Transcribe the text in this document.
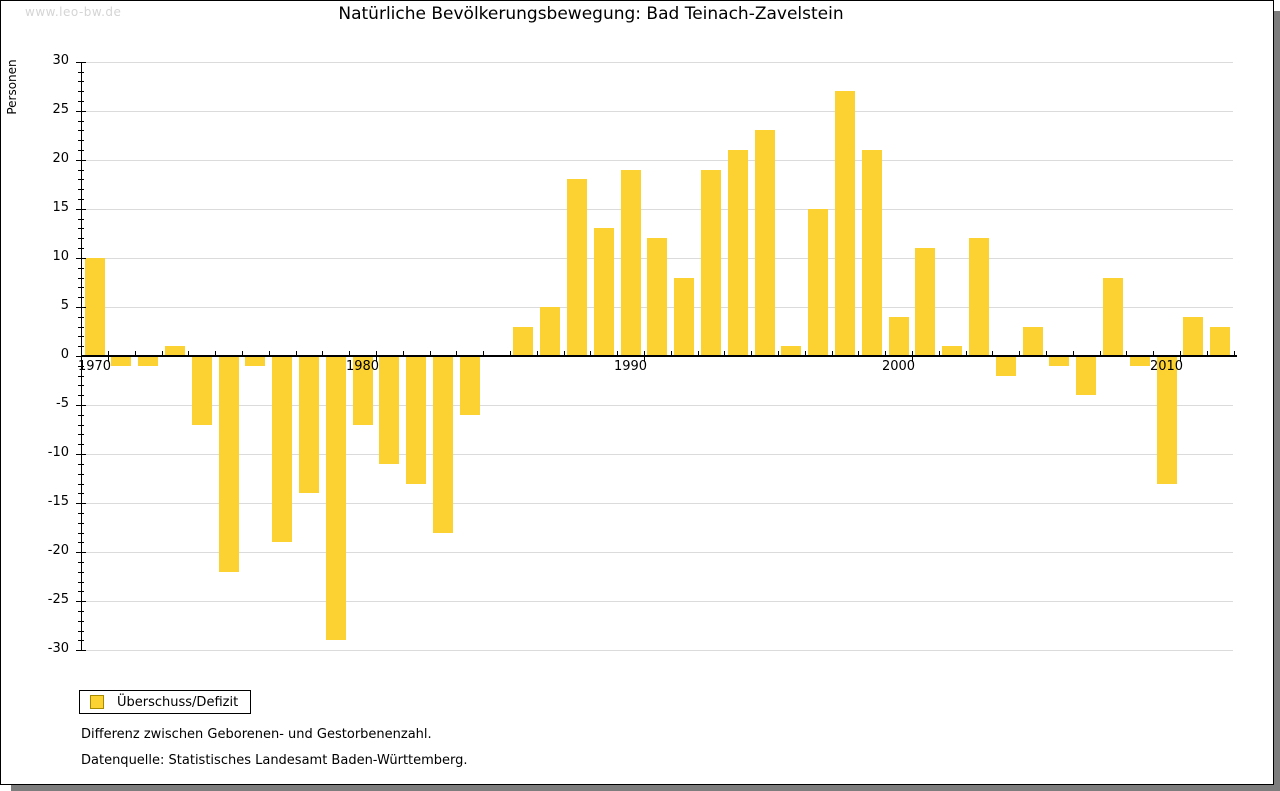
www.leo-bw.de	Natürliche Bevölkerungsbewegung: Bad Teinach-Zavelstein
Personen
-30
-25
-20
-15
-10
-5
0
5
10
15
20
25
30
1970	1980	1990	2000	2010
Überschuss/Defizit
Differenz zwischen Geborenen- und Gestorbenenzahl.
Datenquelle: Statistisches Landesamt Baden-Württemberg.
